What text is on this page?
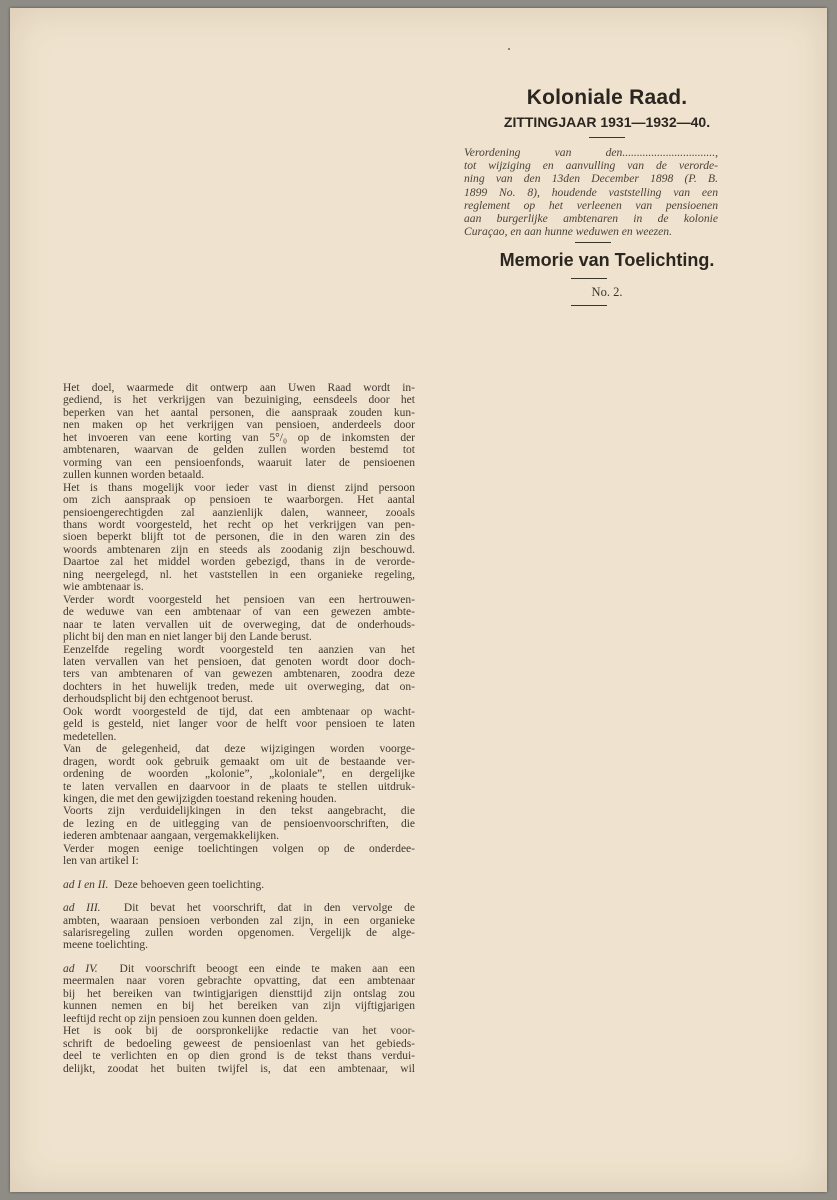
Koloniale Raad.
ZITTINGJAAR 1931—1932—40.
Verordening van den................................,
tot wijziging en aanvulling van de verorde-
ning van den 13den December 1898 (P. B.
1899 No. 8), houdende vaststelling van een
reglement op het verleenen van pensioenen
aan burgerlijke ambtenaren in de kolonie
Curaçao, en aan hunne weduwen en weezen.
Memorie van Toelichting.
No. 2.
Het doel, waarmede dit ontwerp aan Uwen Raad wordt in-
gediend, is het verkrijgen van bezuiniging, eensdeels door het
beperken van het aantal personen, die aanspraak zouden kun-
nen maken op het verkrijgen van pensioen, anderdeels door
het invoeren van eene korting van 5°/₀ op de inkomsten der
ambtenaren, waarvan de gelden zullen worden bestemd tot
vorming van een pensioenfonds, waaruit later de pensioenen
zullen kunnen worden betaald.
Het is thans mogelijk voor ieder vast in dienst zijnd persoon
om zich aanspraak op pensioen te waarborgen. Het aantal
pensioengerechtigden zal aanzienlijk dalen, wanneer, zooals
thans wordt voorgesteld, het recht op het verkrijgen van pen-
sioen beperkt blijft tot de personen, die in den waren zin des
woords ambtenaren zijn en steeds als zoodanig zijn beschouwd.
Daartoe zal het middel worden gebezigd, thans in de verorde-
ning neergelegd, nl. het vaststellen in een organieke regeling,
wie ambtenaar is.
Verder wordt voorgesteld het pensioen van een hertrouwen-
de weduwe van een ambtenaar of van een gewezen ambte-
naar te laten vervallen uit de overweging, dat de onderhouds-
plicht bij den man en niet langer bij den Lande berust.
Eenzelfde regeling wordt voorgesteld ten aanzien van het
laten vervallen van het pensioen, dat genoten wordt door doch-
ters van ambtenaren of van gewezen ambtenaren, zoodra deze
dochters in het huwelijk treden, mede uit overweging, dat on-
derhoudsplicht bij den echtgenoot berust.
Ook wordt voorgesteld de tijd, dat een ambtenaar op wacht-
geld is gesteld, niet langer voor de helft voor pensioen te laten
medetellen.
Van de gelegenheid, dat deze wijzigingen worden voorge-
dragen, wordt ook gebruik gemaakt om uit de bestaande ver-
ordening de woorden „kolonie”, „koloniale”, en dergelijke
te laten vervallen en daarvoor in de plaats te stellen uitdruk-
kingen, die met den gewijzigden toestand rekening houden.
Voorts zijn verduidelijkingen in den tekst aangebracht, die
de lezing en de uitlegging van de pensioenvoorschriften, die
iederen ambtenaar aangaan, vergemakkelijken.
Verder mogen eenige toelichtingen volgen op de onderdee-
len van artikel I:
ad I en II. Deze behoeven geen toelichting.
ad III. Dit bevat het voorschrift, dat in den vervolge de
ambten, waaraan pensioen verbonden zal zijn, in een organieke
salarisregeling zullen worden opgenomen. Vergelijk de alge-
meene toelichting.
ad IV. Dit voorschrift beoogt een einde te maken aan een
meermalen naar voren gebrachte opvatting, dat een ambtenaar
bij het bereiken van twintigjarigen diensttijd zijn ontslag zou
kunnen nemen en bij het bereiken van zijn vijftigjarigen
leeftijd recht op zijn pensioen zou kunnen doen gelden.
Het is ook bij de oorspronkelijke redactie van het voor-
schrift de bedoeling geweest de pensioenlast van het gebieds-
deel te verlichten en op dien grond is de tekst thans verdui-
delijkt, zoodat het buiten twijfel is, dat een ambtenaar, wil
